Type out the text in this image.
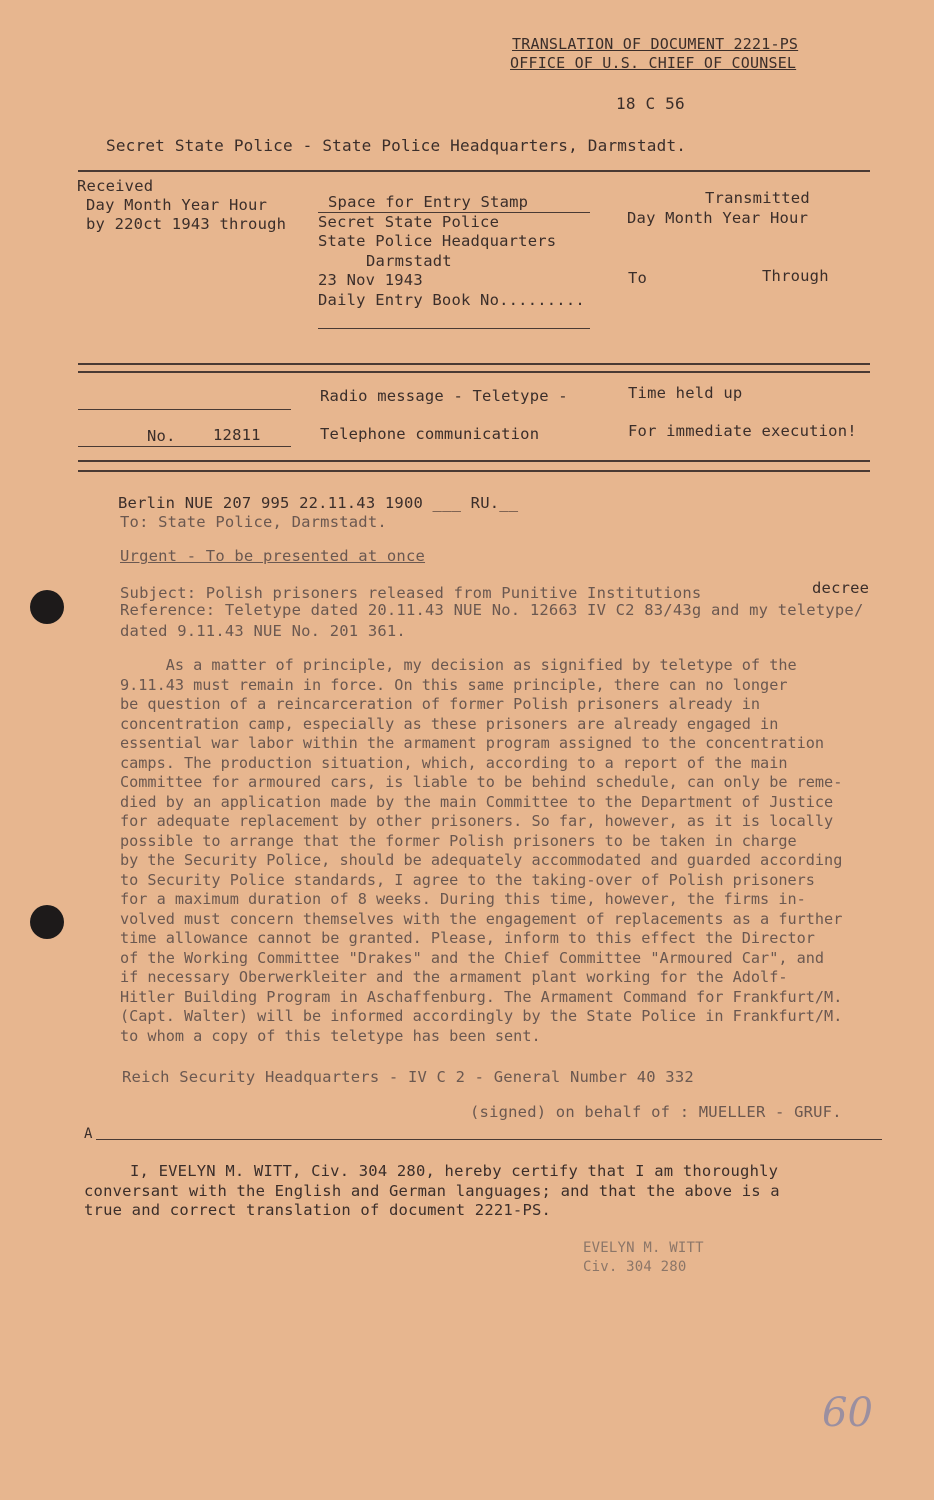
TRANSLATION OF DOCUMENT 2221-PS
OFFICE OF U.S. CHIEF OF COUNSEL
18 C 56
Secret State Police - State Police Headquarters, Darmstadt.
Received
Day Month Year Hour
by 220ct 1943 through
Space for Entry Stamp
Secret State Police
State Police Headquarters
Darmstadt
23 Nov 1943
Daily Entry Book No.........
Transmitted
Day Month Year Hour
To	Through
Radio message - Teletype -	Time held up
Telephone communication	For immediate execution!
No. 12811
Berlin NUE 207 995 22.11.43 1900 ___ RU.__
To: State Police, Darmstadt.
Urgent - To be presented at once
Subject: Polish prisoners released from Punitive Institutions	decree
Reference: Teletype dated 20.11.43 NUE No. 12663 IV C2 83/43g and my teletype/
dated 9.11.43 NUE No. 201 361.
As a matter of principle, my decision as signified by teletype of the
9.11.43 must remain in force. On this same principle, there can no longer
be question of a reincarceration of former Polish prisoners already in
concentration camp, especially as these prisoners are already engaged in
essential war labor within the armament program assigned to the concentration
camps. The production situation, which, according to a report of the main
Committee for armoured cars, is liable to be behind schedule, can only be reme-
died by an application made by the main Committee to the Department of Justice
for adequate replacement by other prisoners. So far, however, as it is locally
possible to arrange that the former Polish prisoners to be taken in charge
by the Security Police, should be adequately accommodated and guarded according
to Security Police standards, I agree to the taking-over of Polish prisoners
for a maximum duration of 8 weeks. During this time, however, the firms in-
volved must concern themselves with the engagement of replacements as a further
time allowance cannot be granted. Please, inform to this effect the Director
of the Working Committee "Drakes" and the Chief Committee "Armoured Car", and
if necessary Oberwerkleiter and the armament plant working for the Adolf-
Hitler Building Program in Aschaffenburg. The Armament Command for Frankfurt/M.
(Capt. Walter) will be informed accordingly by the State Police in Frankfurt/M.
to whom a copy of this teletype has been sent.
Reich Security Headquarters - IV C 2 - General Number 40 332
(signed) on behalf of : MUELLER - GRUF.
A
I, EVELYN M. WITT, Civ. 304 280, hereby certify that I am thoroughly
conversant with the English and German languages; and that the above is a
true and correct translation of document 2221-PS.
EVELYN M. WITT
Civ. 304 280
60
